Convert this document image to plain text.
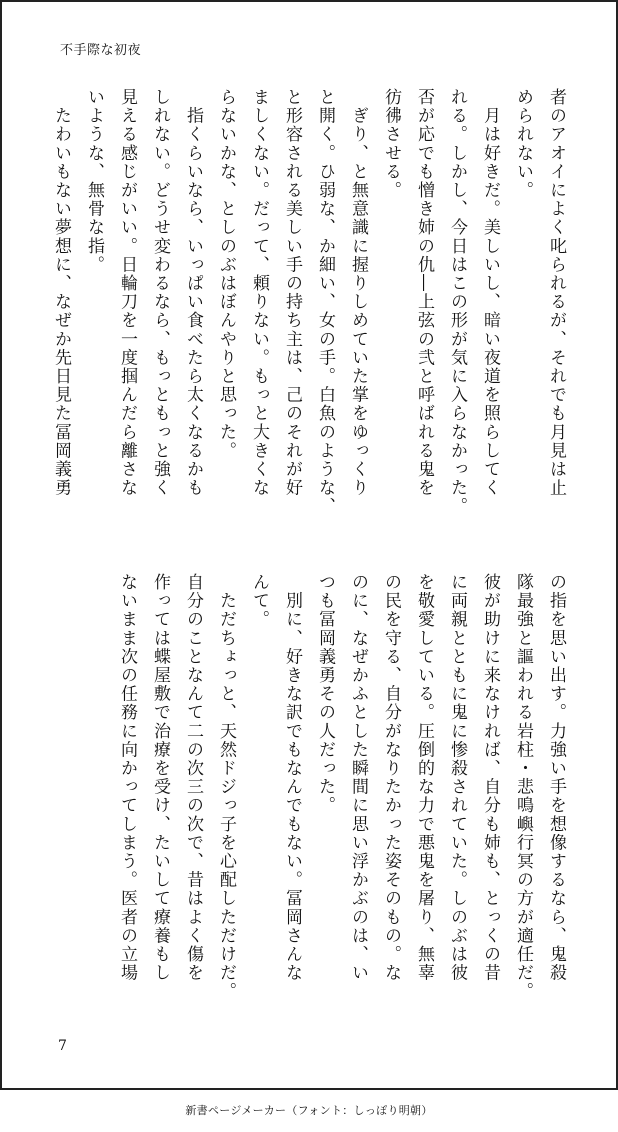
不手際な初夜
者のアオイによく叱られるが、それでも月見は止
められない。
　月は好きだ。美しいし、暗い夜道を照らしてく
れる。しかし、今日はこの形が気に入らなかった。
否が応でも憎き姉の仇―上弦の弐と呼ばれる鬼を
彷彿させる。
　ぎり、と無意識に握りしめていた掌をゆっくり
と開く。ひ弱な、か細い、女の手。白魚のような、
と形容される美しい手の持ち主は、己のそれが好
ましくない。だって、頼りない。もっと大きくな
らないかな、としのぶはぼんやりと思った。
　指くらいなら、いっぱい食べたら太くなるかも
しれない。どうせ変わるなら、もっともっと強く
見える感じがいい。日輪刀を一度掴んだら離さな
いような、無骨な指。
　たわいもない夢想に、なぜか先日見た冨岡義勇
の指を思い出す。力強い手を想像するなら、鬼殺
隊最強と謳われる岩柱・悲鳴嶼行冥の方が適任だ。
彼が助けに来なければ、自分も姉も、とっくの昔
に両親とともに鬼に惨殺されていた。しのぶは彼
を敬愛している。圧倒的な力で悪鬼を屠り、無辜
の民を守る、自分がなりたかった姿そのもの。な
のに、なぜかふとした瞬間に思い浮かぶのは、い
つも冨岡義勇その人だった。
　別に、好きな訳でもなんでもない。冨岡さんな
んて。
　ただちょっと、天然ドジっ子を心配しただけだ。
自分のことなんて二の次三の次で、昔はよく傷を
作っては蝶屋敷で治療を受け、たいして療養もし
ないまま次の任務に向かってしまう。医者の立場
7
新書ページメーカー（フォント：しっぽり明朝）
